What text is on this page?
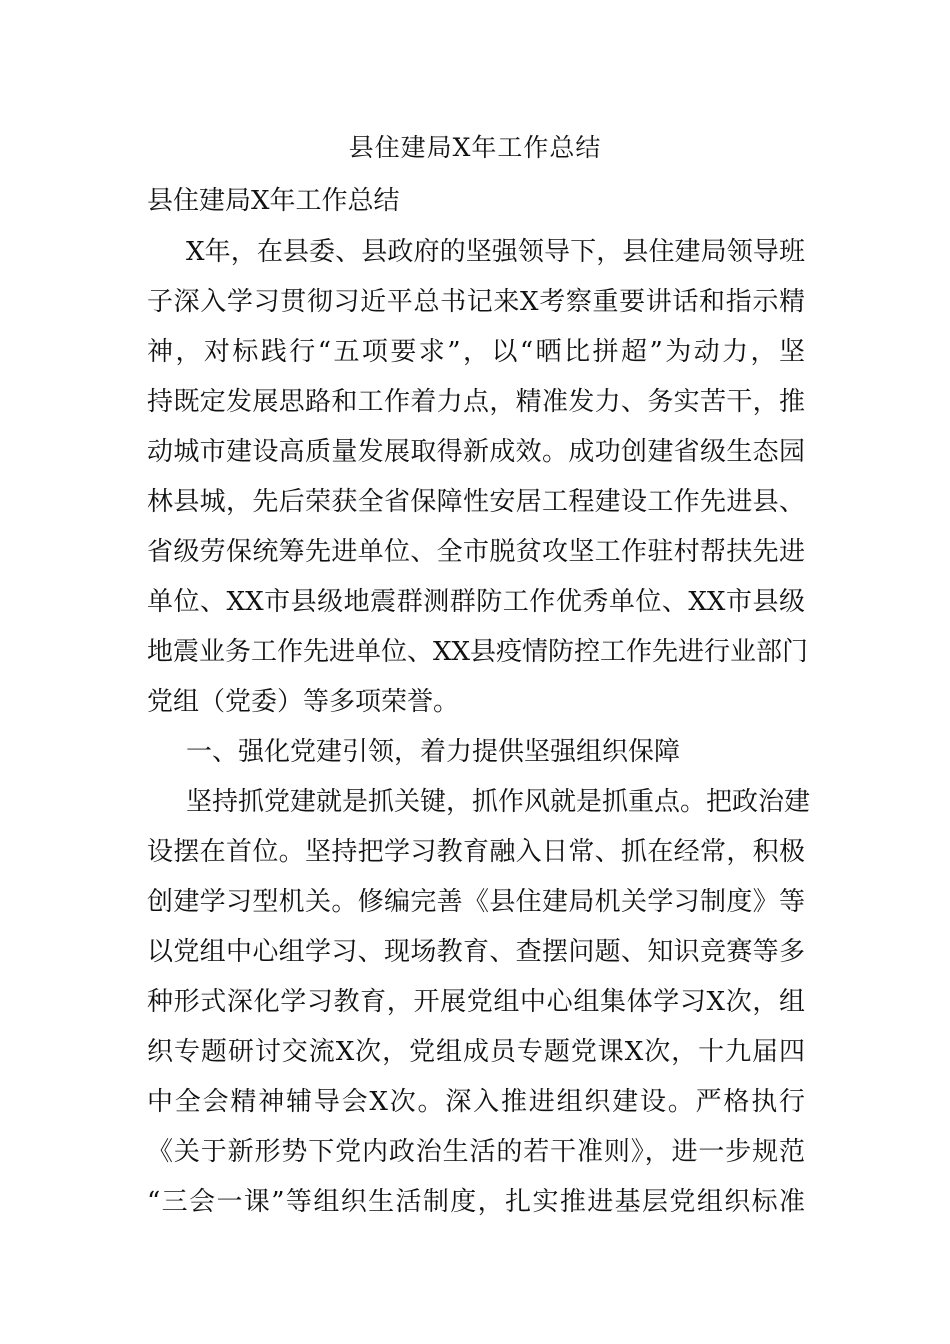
县住建局X年工作总结
县住建局X年工作总结
X年，在县委、县政府的坚强领导下，县住建局领导班
子深入学习贯彻习近平总书记来X考察重要讲话和指示精
神，对标践行“五项要求”，以“晒比拼超”为动力，坚
持既定发展思路和工作着力点，精准发力、务实苦干，推
动城市建设高质量发展取得新成效。成功创建省级生态园
林县城，先后荣获全省保障性安居工程建设工作先进县、
省级劳保统筹先进单位、全市脱贫攻坚工作驻村帮扶先进
单位、XX市县级地震群测群防工作优秀单位、XX市县级
地震业务工作先进单位、XX县疫情防控工作先进行业部门
党组（党委）等多项荣誉。
一、强化党建引领，着力提供坚强组织保障
坚持抓党建就是抓关键，抓作风就是抓重点。把政治建
设摆在首位。坚持把学习教育融入日常、抓在经常，积极
创建学习型机关。修编完善《县住建局机关学习制度》等
以党组中心组学习、现场教育、查摆问题、知识竞赛等多
种形式深化学习教育，开展党组中心组集体学习X次，组
织专题研讨交流X次，党组成员专题党课X次，十九届四
中全会精神辅导会X次。深入推进组织建设。严格执行
《关于新形势下党内政治生活的若干准则》，进一步规范
“三会一课”等组织生活制度，扎实推进基层党组织标准
